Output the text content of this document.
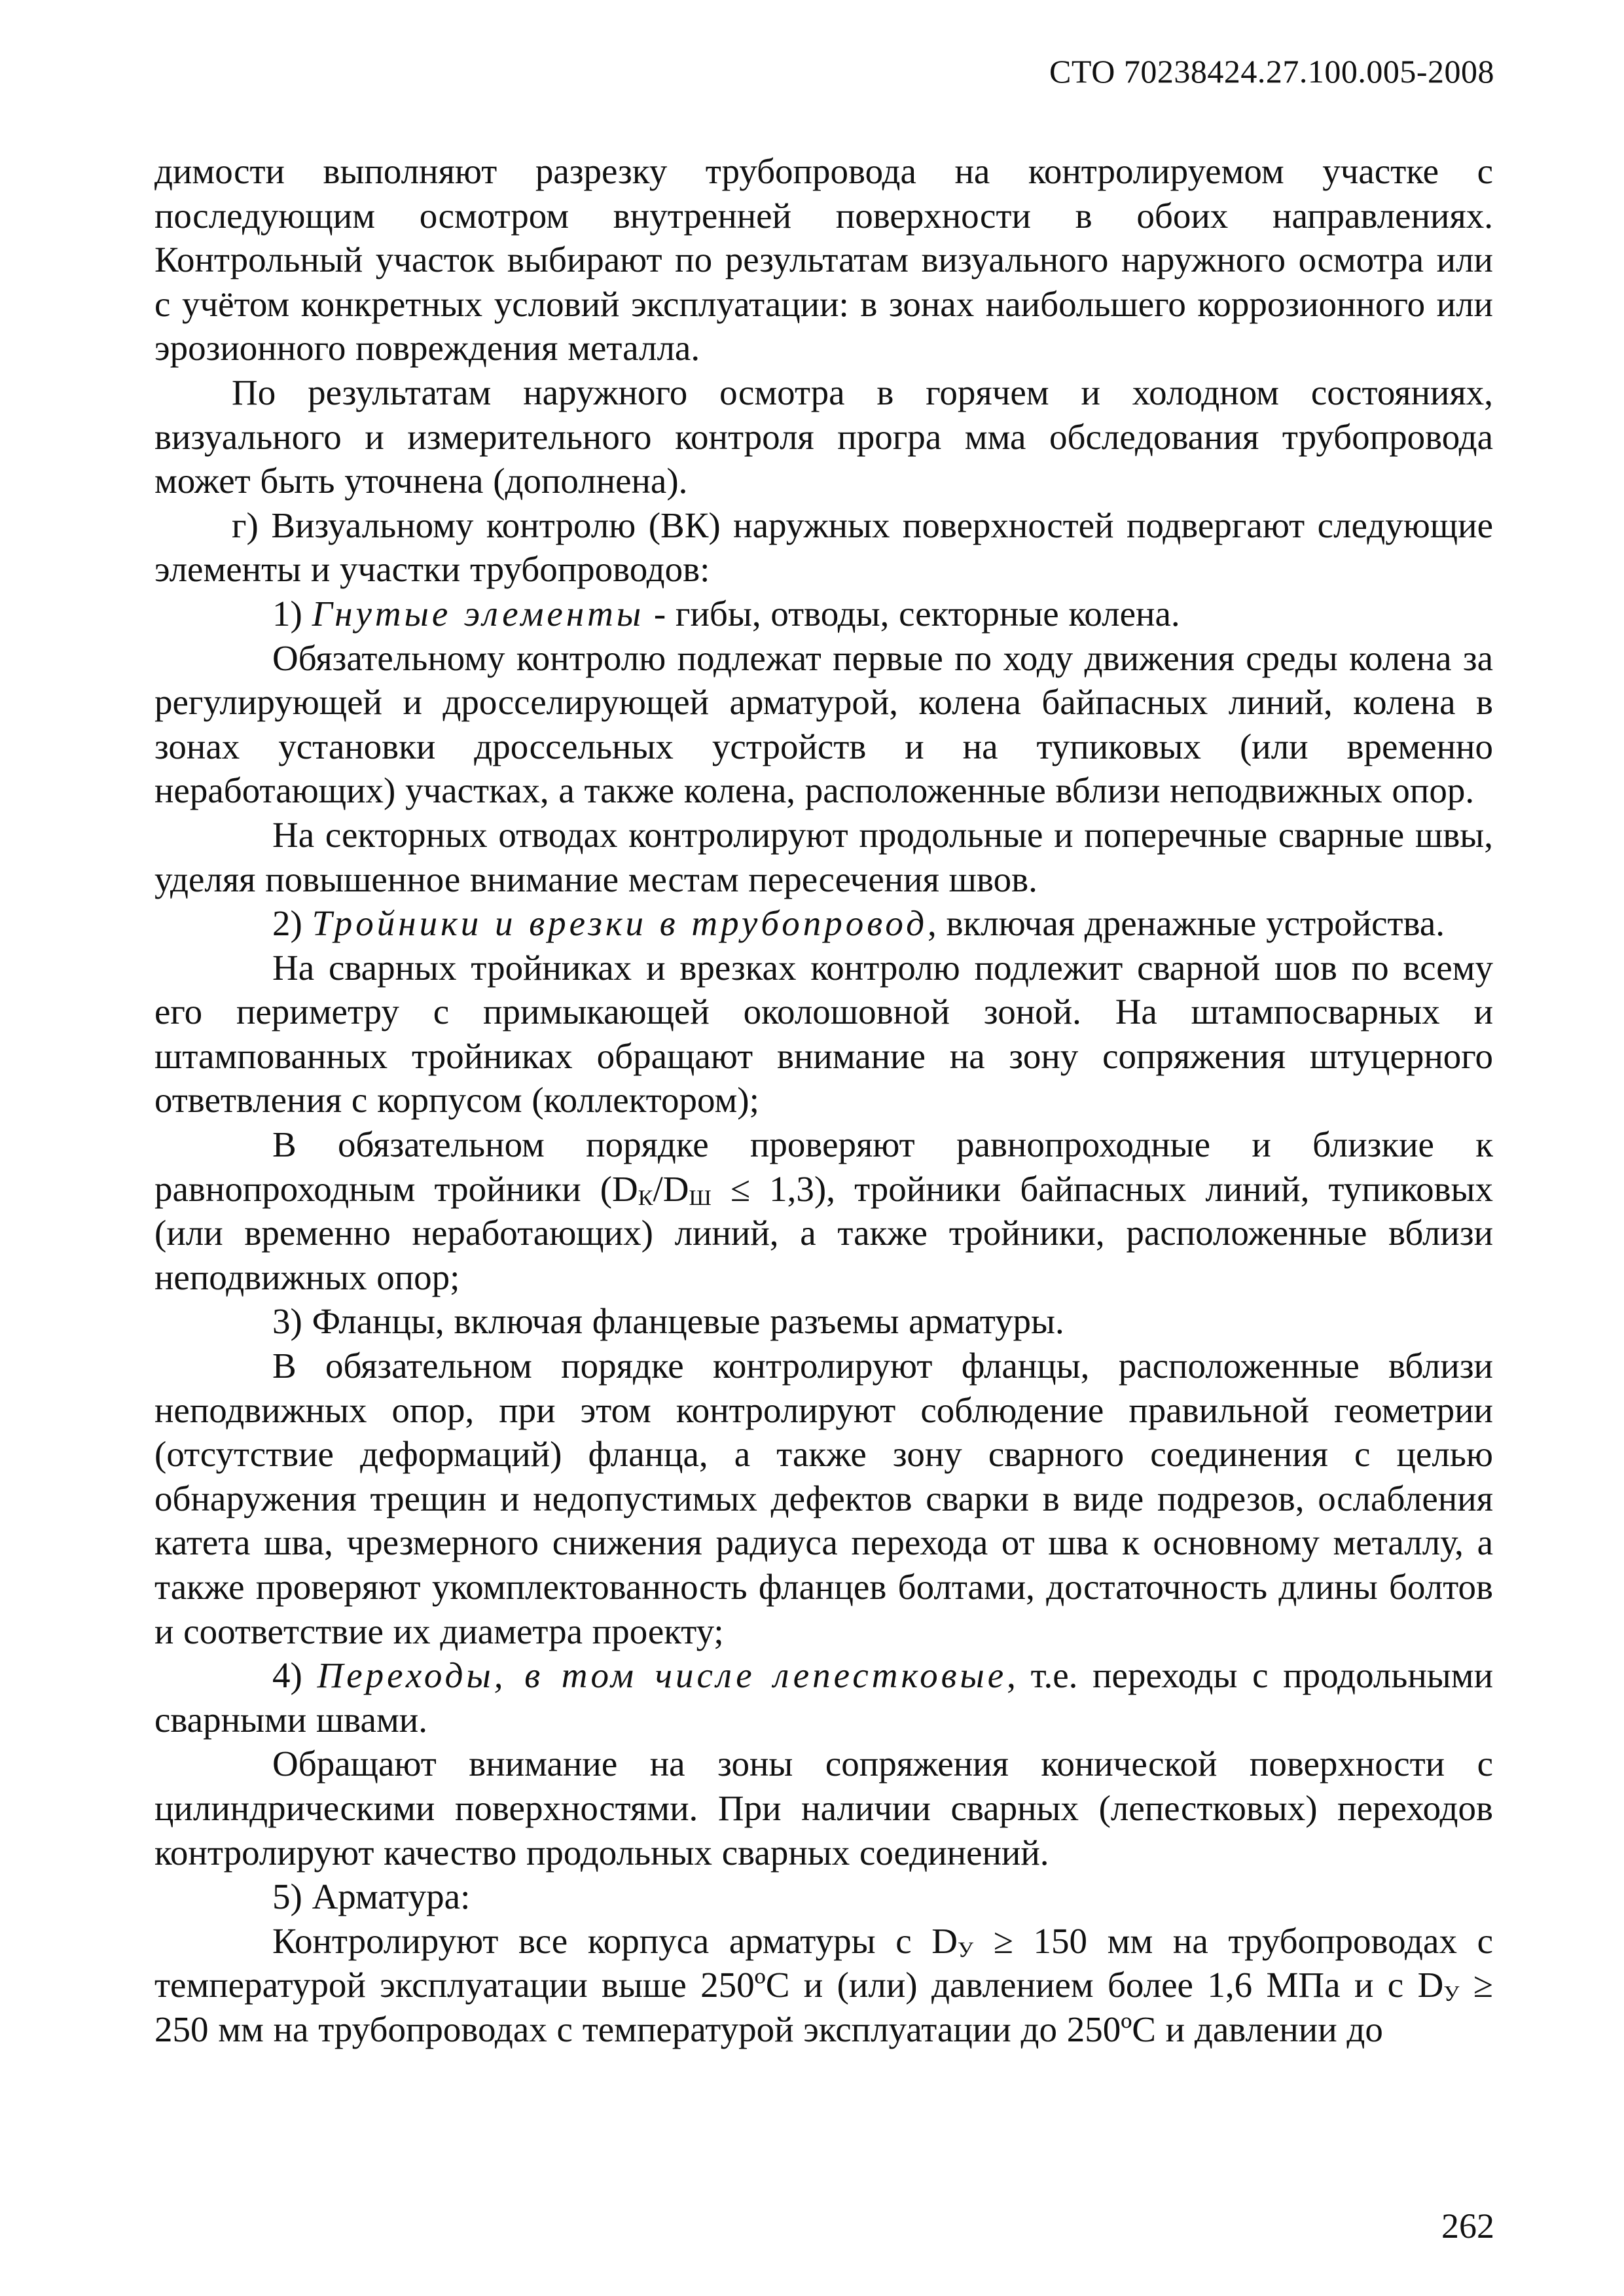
СТО 70238424.27.100.005-2008

димости выполняют разрезку трубопровода на контролируемом участке с последующим осмотром внутренней поверхности в обоих направлениях. Контрольный участок выбирают по результатам визуального наружного осмотра или с учётом конкретных условий эксплуатации: в зонах наибольшего коррозионного или эрозионного повреждения металла.

По результатам наружного осмотра в горячем и холодном состояниях, визуального и измерительного контроля програ мма обследования трубопровода может быть уточнена (дополнена).

г) Визуальному контролю (ВК) наружных поверхностей подвергают следующие элементы и участки трубопроводов:

1) Гнутые элементы - гибы, отводы, секторные колена.

Обязательному контролю подлежат первые по ходу движения среды колена за регулирующей и дросселирующей арматурой, колена байпасных линий, колена в зонах установки дроссельных устройств и на тупиковых (или временно неработающих) участках, а также колена, расположенные вблизи неподвижных опор.

На секторных отводах контролируют продольные и поперечные сварные швы, уделяя повышенное внимание местам пересечения швов.

2) Тройники и врезки в трубопровод, включая дренажные устройства.

На сварных тройниках и врезках контролю подлежит сварной шов по всему его периметру с примыкающей околошовной зоной. На штампосварных и штампованных тройниках обращают внимание на зону сопряжения штуцерного ответвления с корпусом (коллектором);

В обязательном порядке проверяют равнопроходные и близкие к равнопроходным тройники $(D_К/D_Ш \le 1,3)$, тройники байпасных линий, тупиковых (или временно неработающих) линий, а также тройники, расположенные вблизи неподвижных опор;

3) Фланцы, включая фланцевые разъемы арматуры.

В обязательном порядке контролируют фланцы, расположенные вблизи неподвижных опор, при этом контролируют соблюдение правильной геометрии (отсутствие деформаций) фланца, а также зону сварного соединения с целью обнаружения трещин и недопустимых дефектов сварки в виде подрезов, ослабления катета шва, чрезмерного снижения радиуса перехода от шва к основному металлу, а также проверяют укомплектованность фланцев болтами, достаточность длины болтов и соответствие их диаметра проекту;

4) Переходы, в том числе лепестковые, т.е. переходы с продольными сварными швами.

Обращают внимание на зоны сопряжения конической поверхности с цилиндрическими поверхностями. При наличии сварных (лепестковых) переходов контролируют качество продольных сварных соединений.

5) Арматура:

Контролируют все корпуса арматуры с $D_У \ge 150$ мм на трубопроводах с температурой эксплуатации выше 250ºС и (или) давлением более 1,6 МПа и с $D_У \ge 250$ мм на трубопроводах с температурой эксплуатации до 250ºС и давлении до

262
